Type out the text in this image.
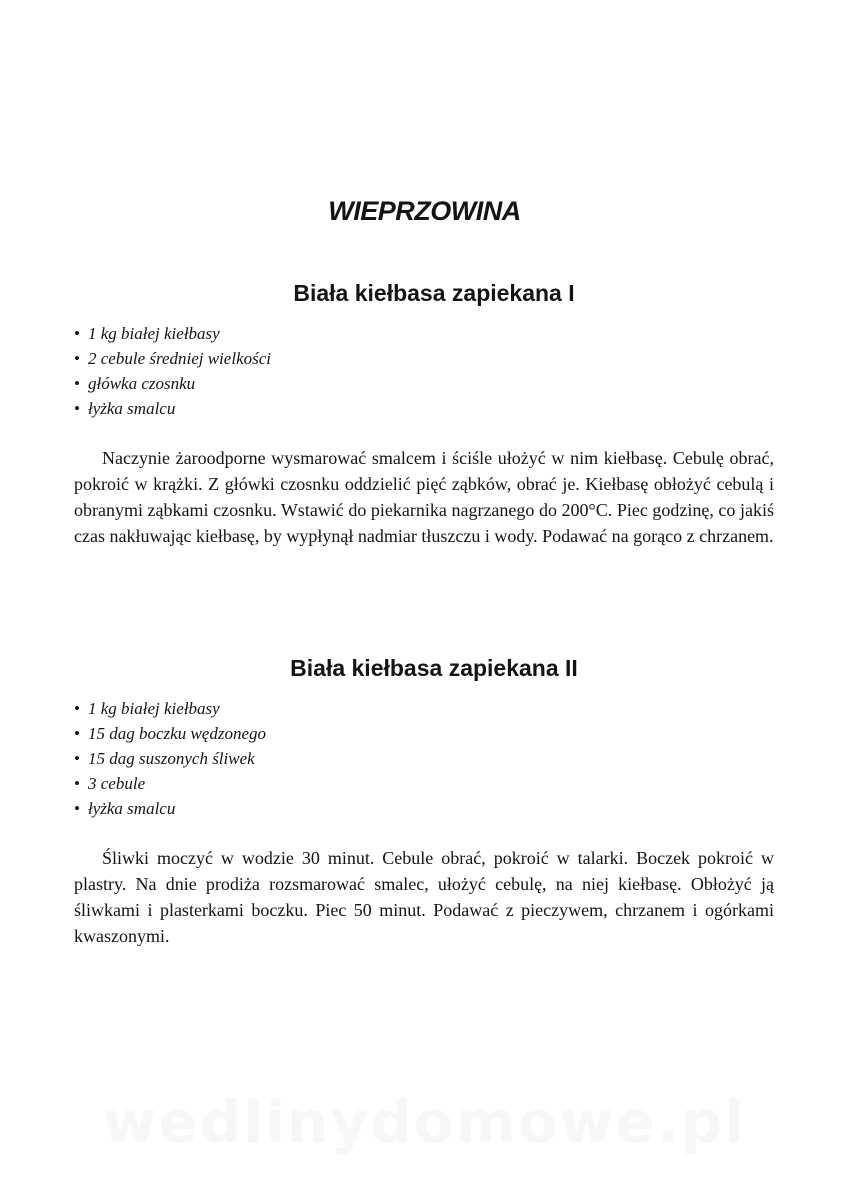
WIEPRZOWINA
Biała kiełbasa zapiekana I
• 1 kg białej kiełbasy
• 2 cebule średniej wielkości
• główka czosnku
• łyżka smalcu

Naczynie żaroodporne wysmarować smalcem i ściśle ułożyć w nim kiełbasę. Cebulę obrać, pokroić w krążki. Z główki czosnku oddzielić pięć ząbków, obrać je. Kiełbasę obłożyć cebulą i obranymi ząbkami czosnku. Wstawić do piekarnika nagrzanego do 200°C. Piec godzinę, co jakiś czas nakłuwając kiełbasę, by wypłynął nadmiar tłuszczu i wody. Podawać na gorąco z chrzanem.

Biała kiełbasa zapiekana II
• 1 kg białej kiełbasy
• 15 dag boczku wędzonego
• 15 dag suszonych śliwek
• 3 cebule
• łyżka smalcu

Śliwki moczyć w wodzie 30 minut. Cebule obrać, pokroić w talarki. Boczek pokroić w plastry. Na dnie prodiża rozsmarować smalec, ułożyć cebulę, na niej kiełbasę. Obłożyć ją śliwkami i plasterkami boczku. Piec 50 minut. Podawać z pieczywem, chrzanem i ogórkami kwaszonymi.

wedlinydomowe.pl
